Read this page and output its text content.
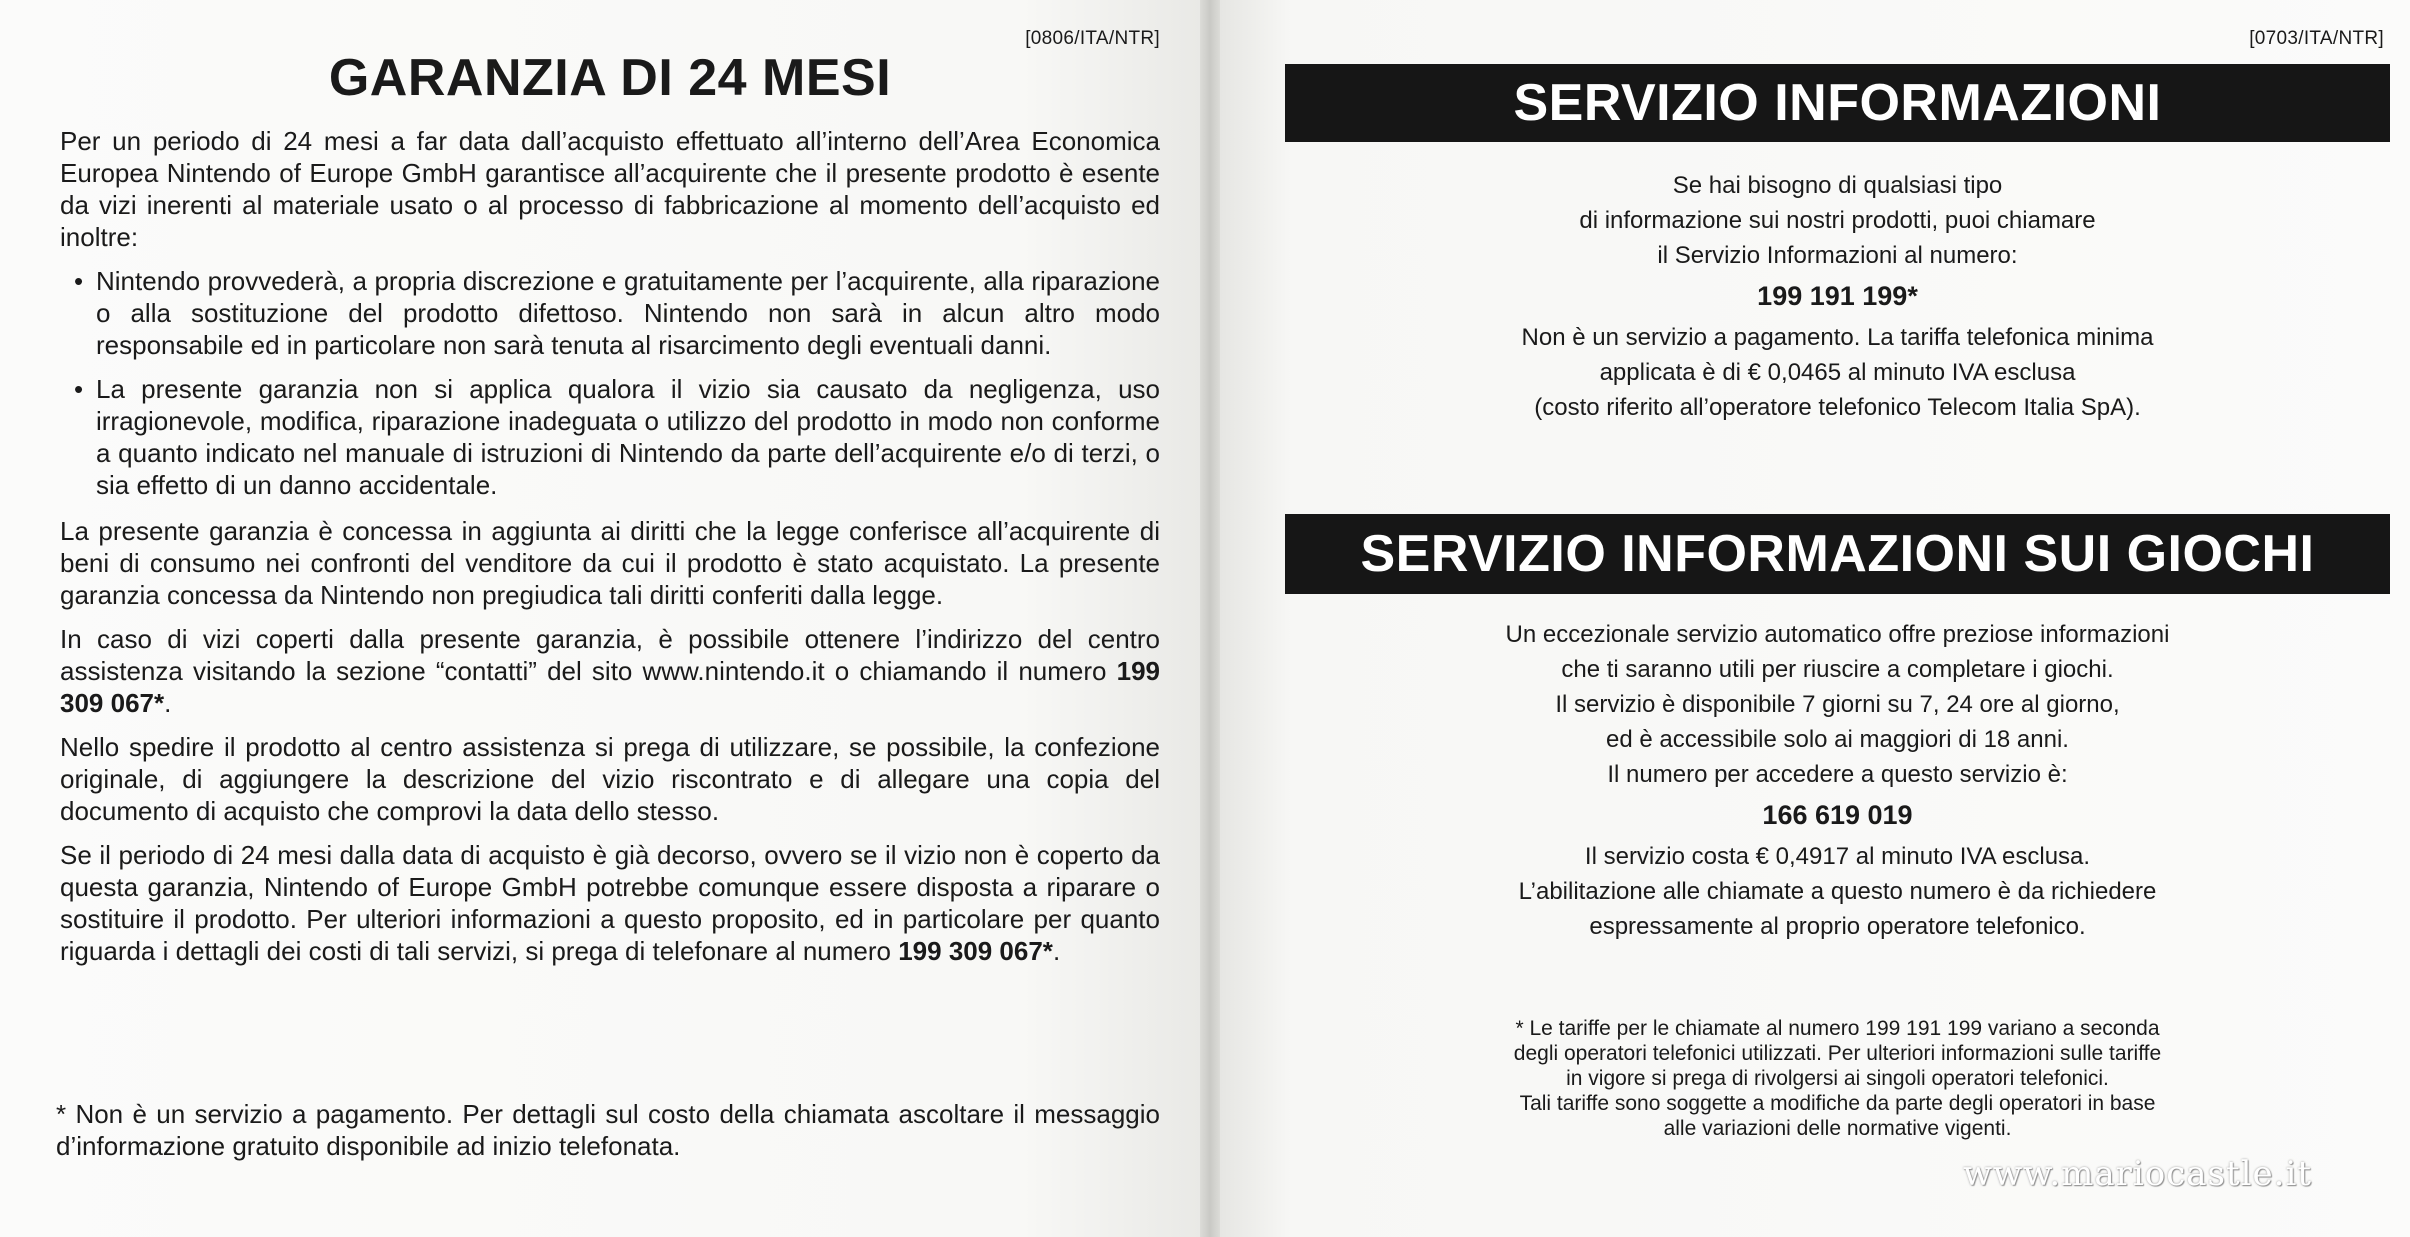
[0806/ITA/NTR]
GARANZIA DI 24 MESI

Per un periodo di 24 mesi a far data dall’acquisto effettuato all’interno dell’Area Economica Europea Nintendo of Europe GmbH garantisce all’acquirente che il presente prodotto è esente da vizi inerenti al materiale usato o al processo di fabbricazione al momento dell’acquisto ed inoltre:

• Nintendo provvederà, a propria discrezione e gratuitamente per l’acquirente, alla riparazione o alla sostituzione del prodotto difettoso. Nintendo non sarà in alcun altro modo responsabile ed in particolare non sarà tenuta al risarcimento degli eventuali danni.
• La presente garanzia non si applica qualora il vizio sia causato da negligenza, uso irragionevole, modifica, riparazione inadeguata o utilizzo del prodotto in modo non conforme a quanto indicato nel manuale di istruzioni di Nintendo da parte dell’acquirente e/o di terzi, o sia effetto di un danno accidentale.

La presente garanzia è concessa in aggiunta ai diritti che la legge conferisce all’acquirente di beni di consumo nei confronti del venditore da cui il prodotto è stato acquistato. La presente garanzia concessa da Nintendo non pregiudica tali diritti conferiti dalla legge.

In caso di vizi coperti dalla presente garanzia, è possibile ottenere l’indirizzo del centro assistenza visitando la sezione “contatti” del sito www.nintendo.it o chiamando il numero 199 309 067*.

Nello spedire il prodotto al centro assistenza si prega di utilizzare, se possibile, la confezione originale, di aggiungere la descrizione del vizio riscontrato e di allegare una copia del documento di acquisto che comprovi la data dello stesso.

Se il periodo di 24 mesi dalla data di acquisto è già decorso, ovvero se il vizio non è coperto da questa garanzia, Nintendo of Europe GmbH potrebbe comunque essere disposta a riparare o sostituire il prodotto. Per ulteriori informazioni a questo proposito, ed in particolare per quanto riguarda i dettagli dei costi di tali servizi, si prega di telefonare al numero 199 309 067*.

* Non è un servizio a pagamento. Per dettagli sul costo della chiamata ascoltare il messaggio d’informazione gratuito disponibile ad inizio telefonata.
[0703/ITA/NTR]
SERVIZIO INFORMAZIONI
Se hai bisogno di qualsiasi tipo
di informazione sui nostri prodotti, puoi chiamare
il Servizio Informazioni al numero:
199 191 199*
Non è un servizio a pagamento. La tariffa telefonica minima
applicata è di € 0,0465 al minuto IVA esclusa
(costo riferito all’operatore telefonico Telecom Italia SpA).
SERVIZIO INFORMAZIONI SUI GIOCHI
Un eccezionale servizio automatico offre preziose informazioni
che ti saranno utili per riuscire a completare i giochi.
Il servizio è disponibile 7 giorni su 7, 24 ore al giorno,
ed è accessibile solo ai maggiori di 18 anni.
Il numero per accedere a questo servizio è:
166 619 019
Il servizio costa € 0,4917 al minuto IVA esclusa.
L’abilitazione alle chiamate a questo numero è da richiedere
espressamente al proprio operatore telefonico.
* Le tariffe per le chiamate al numero 199 191 199 variano a seconda
degli operatori telefonici utilizzati. Per ulteriori informazioni sulle tariffe
in vigore si prega di rivolgersi ai singoli operatori telefonici.
Tali tariffe sono soggette a modifiche da parte degli operatori in base
alle variazioni delle normative vigenti.
www.mariocastle.it
